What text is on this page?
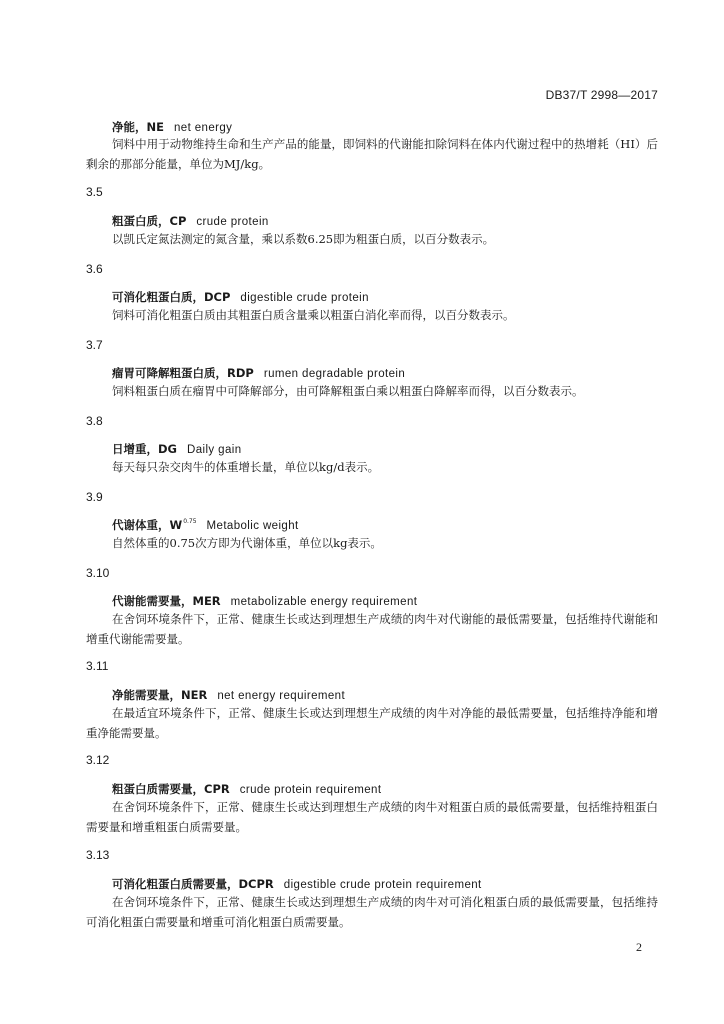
DB37/T 2998—2017
净能，NE net energy
饲料中用于动物维持生命和生产产品的能量，即饲料的代谢能扣除饲料在体内代谢过程中的热增耗（HI）后剩余的那部分能量，单位为MJ/kg。
3.5
粗蛋白质，CP crude protein
以凯氏定氮法测定的氮含量，乘以系数6.25即为粗蛋白质，以百分数表示。
3.6
可消化粗蛋白质，DCP digestible crude protein
饲料可消化粗蛋白质由其粗蛋白质含量乘以粗蛋白消化率而得，以百分数表示。
3.7
瘤胃可降解粗蛋白质，RDP rumen degradable protein
饲料粗蛋白质在瘤胃中可降解部分，由可降解粗蛋白乘以粗蛋白降解率而得，以百分数表示。
3.8
日增重，DG Daily gain
每天每只杂交肉牛的体重增长量，单位以kg/d表示。
3.9
代谢体重，$W^{0.75}$ Metabolic weight
自然体重的0.75次方即为代谢体重，单位以kg表示。
3.10
代谢能需要量，MER metabolizable energy requirement
在舍饲环境条件下，正常、健康生长或达到理想生产成绩的肉牛对代谢能的最低需要量，包括维持代谢能和增重代谢能需要量。
3.11
净能需要量，NER net energy requirement
在最适宜环境条件下，正常、健康生长或达到理想生产成绩的肉牛对净能的最低需要量，包括维持净能和增重净能需要量。
3.12
粗蛋白质需要量，CPR crude protein requirement
在舍饲环境条件下，正常、健康生长或达到理想生产成绩的肉牛对粗蛋白质的最低需要量，包括维持粗蛋白需要量和增重粗蛋白质需要量。
3.13
可消化粗蛋白质需要量，DCPR digestible crude protein requirement
在舍饲环境条件下，正常、健康生长或达到理想生产成绩的肉牛对可消化粗蛋白质的最低需要量，包括维持可消化粗蛋白需要量和增重可消化粗蛋白质需要量。
2
